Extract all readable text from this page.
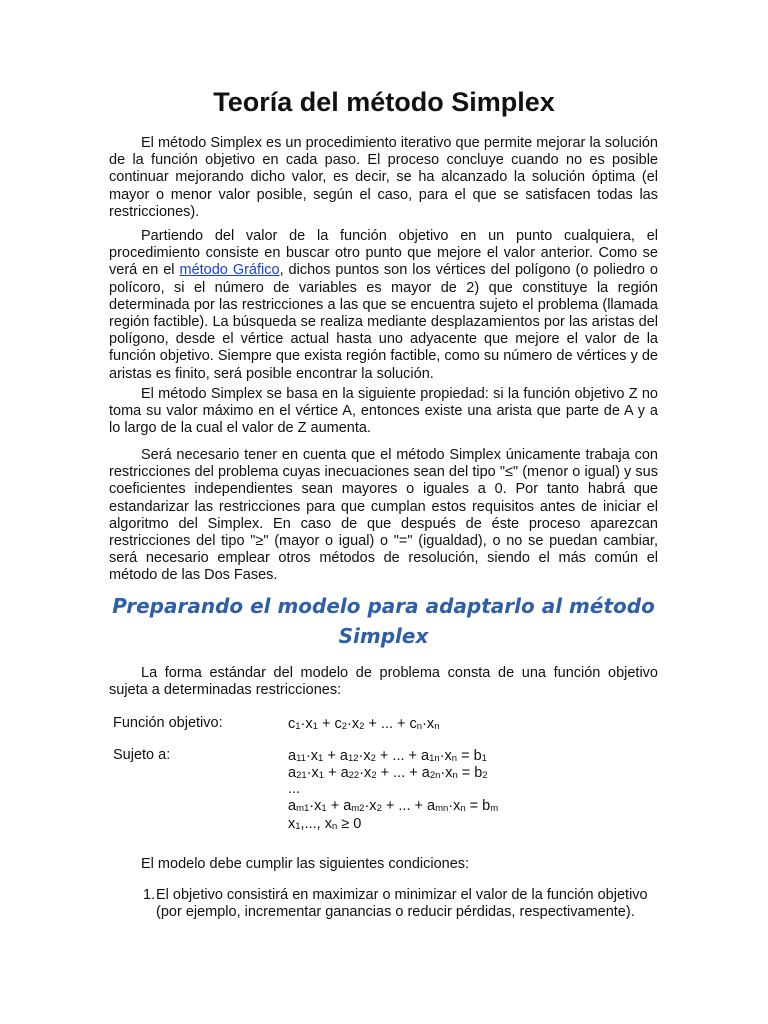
Teoría del método Simplex

El método Simplex es un procedimiento iterativo que permite mejorar la solución de la función objetivo en cada paso. El proceso concluye cuando no es posible continuar mejorando dicho valor, es decir, se ha alcanzado la solución óptima (el mayor o menor valor posible, según el caso, para el que se satisfacen todas las restricciones).

Partiendo del valor de la función objetivo en un punto cualquiera, el procedimiento consiste en buscar otro punto que mejore el valor anterior. Como se verá en el método Gráfico, dichos puntos son los vértices del polígono (o poliedro o polícoro, si el número de variables es mayor de 2) que constituye la región determinada por las restricciones a las que se encuentra sujeto el problema (llamada región factible). La búsqueda se realiza mediante desplazamientos por las aristas del polígono, desde el vértice actual hasta uno adyacente que mejore el valor de la función objetivo. Siempre que exista región factible, como su número de vértices y de aristas es finito, será posible encontrar la solución.

El método Simplex se basa en la siguiente propiedad: si la función objetivo Z no toma su valor máximo en el vértice A, entonces existe una arista que parte de A y a lo largo de la cual el valor de Z aumenta.

Será necesario tener en cuenta que el método Simplex únicamente trabaja con restricciones del problema cuyas inecuaciones sean del tipo "≤" (menor o igual) y sus coeficientes independientes sean mayores o iguales a 0. Por tanto habrá que estandarizar las restricciones para que cumplan estos requisitos antes de iniciar el algoritmo del Simplex. En caso de que después de éste proceso aparezcan restricciones del tipo "≥" (mayor o igual) o "=" (igualdad), o no se puedan cambiar, será necesario emplear otros métodos de resolución, siendo el más común el método de las Dos Fases.

Preparando el modelo para adaptarlo al método Simplex

La forma estándar del modelo de problema consta de una función objetivo sujeta a determinadas restricciones:

Función objetivo:	$c_1\cdot x_1 + c_2\cdot x_2$ + ... + $c_n\cdot x_n$
Sujeto a:	$a_{11}\cdot x_1 + a_{12}\cdot x_2$ + ... + $a_{1n}\cdot x_n = b_1$
$a_{21}\cdot x_1 + a_{22}\cdot x_2$ + ... + $a_{2n}\cdot x_n = b_2$
...
$a_{m1}\cdot x_1 + a_{m2}\cdot x_2$ + ... + $a_{mn}\cdot x_n = b_m$
$x_1$,..., $x_n \ge 0$

El modelo debe cumplir las siguientes condiciones:

1. El objetivo consistirá en maximizar o minimizar el valor de la función objetivo (por ejemplo, incrementar ganancias o reducir pérdidas, respectivamente).
